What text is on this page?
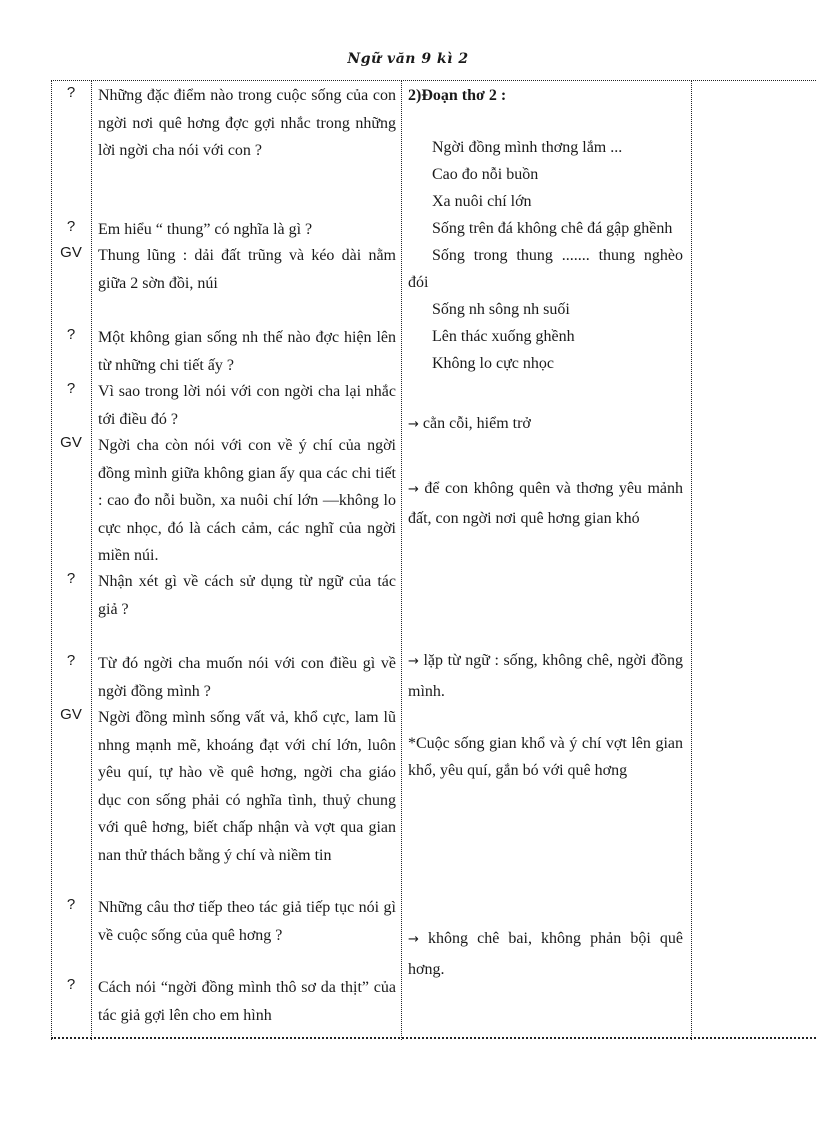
Ngữ văn 9 kì 2
?
?
GV
?
?
GV
?
?
GV
?
?
Những đặc điểm nào trong cuộc sống của con ngời nơi quê hơng đợc gợi nhắc trong những lời ngời cha nói với con ?
Em hiểu “ thung” có nghĩa là gì ?
Thung lũng : dải đất trũng và kéo dài nằm giữa 2 sờn đồi, núi
Một không gian sống nh thế nào đợc hiện lên từ những chi tiết ấy ?
Vì sao trong lời nói với con ngời cha lại nhắc tới điều đó ?
Ngời cha còn nói với con về ý chí của ngời đồng mình giữa không gian ấy qua các chi tiết : cao đo nỗi buồn, xa nuôi chí lớn —không lo cực nhọc, đó là cách cảm, các nghĩ của ngời miền núi.
Nhận xét gì về cách sử dụng từ ngữ của tác giả ?
Từ đó ngời cha muốn nói với con điều gì về ngời đồng mình ?
Ngời đồng mình sống vất vả, khổ cực, lam lũ nhng mạnh mẽ, khoáng đạt với chí lớn, luôn yêu quí, tự hào về quê hơng, ngời cha giáo dục con sống phải có nghĩa tình, thuỷ chung với quê hơng, biết chấp nhận và vợt qua gian nan thử thách bằng ý chí và niềm tin
Những câu thơ tiếp theo tác giả tiếp tục nói gì về cuộc sống của quê hơng ?
Cách nói “ngời đồng mình thô sơ da thịt” của tác giả gợi lên cho em hình
2)Đoạn thơ 2 :
Ngời đồng mình thơng lắm ...
Cao đo nỗi buồn
Xa nuôi chí lớn
Sống trên đá không chê đá gập ghềnh
Sống trong thung ....... thung nghèo đói
Sống nh sông nh suối
Lên thác xuống ghềnh
Không lo cực nhọc
→ cằn cỗi, hiểm trở
→ để con không quên và thơng yêu mảnh đất, con ngời nơi quê hơng gian khó
→ lặp từ ngữ : sống, không chê, ngời đồng mình.
*Cuộc sống gian khổ và ý chí vợt lên gian khổ, yêu quí, gắn bó với quê hơng
→ không chê bai, không phản bội quê hơng.
